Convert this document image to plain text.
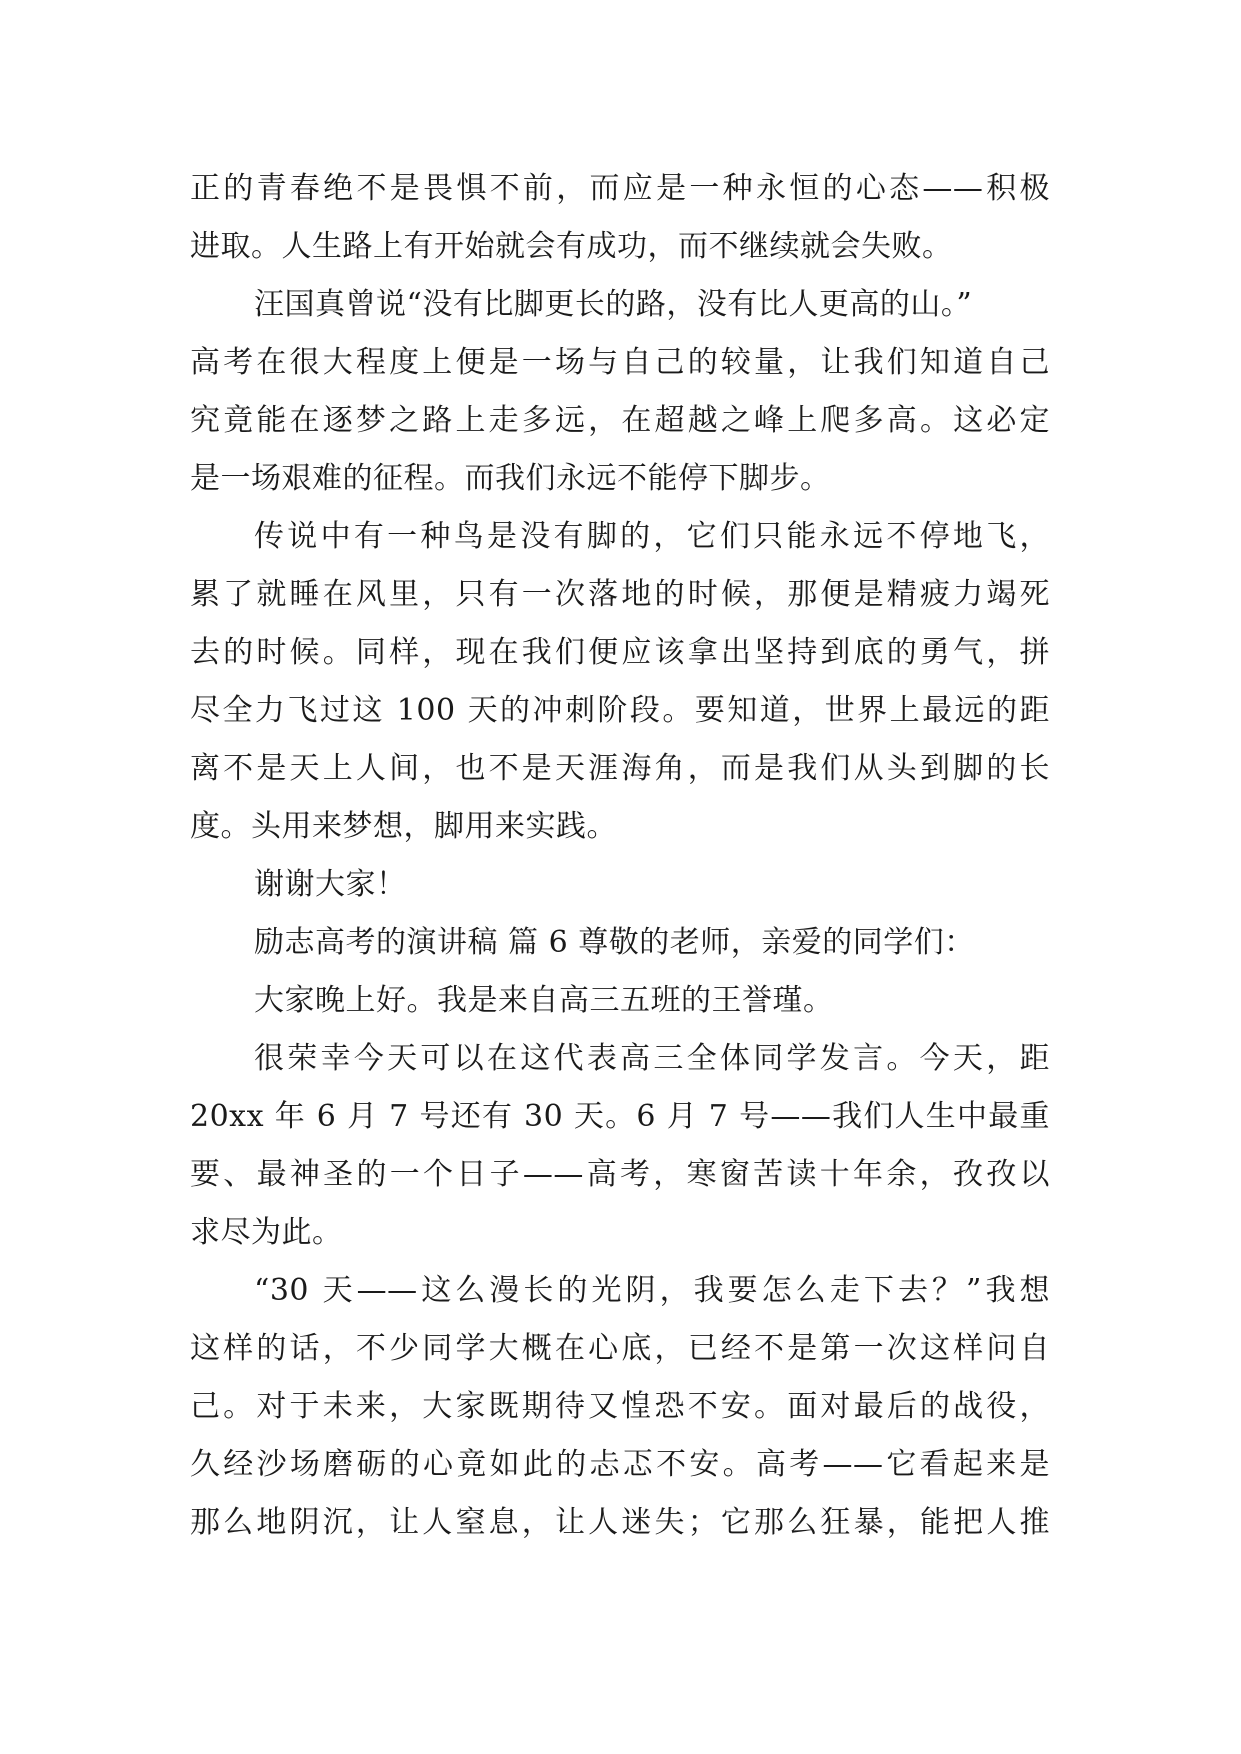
正的青春绝不是畏惧不前，而应是一种永恒的心态——积极
进取。人生路上有开始就会有成功，而不继续就会失败。
汪国真曾说“没有比脚更长的路，没有比人更高的山。”
高考在很大程度上便是一场与自己的较量，让我们知道自己
究竟能在逐梦之路上走多远，在超越之峰上爬多高。这必定
是一场艰难的征程。而我们永远不能停下脚步。
传说中有一种鸟是没有脚的，它们只能永远不停地飞，
累了就睡在风里，只有一次落地的时候，那便是精疲力竭死
去的时候。同样，现在我们便应该拿出坚持到底的勇气，拼
尽全力飞过这 100 天的冲刺阶段。要知道，世界上最远的距
离不是天上人间，也不是天涯海角，而是我们从头到脚的长
度。头用来梦想，脚用来实践。
谢谢大家！
励志高考的演讲稿 篇 6 尊敬的老师，亲爱的同学们：
大家晚上好。我是来自高三五班的王誉瑾。
很荣幸今天可以在这代表高三全体同学发言。今天，距
20xx 年 6 月 7 号还有 30 天。6 月 7 号——我们人生中最重
要、最神圣的一个日子——高考，寒窗苦读十年余，孜孜以
求尽为此。
“30 天——这么漫长的光阴，我要怎么走下去？”我想
这样的话，不少同学大概在心底，已经不是第一次这样问自
己。对于未来，大家既期待又惶恐不安。面对最后的战役，
久经沙场磨砺的心竟如此的忐忑不安。高考——它看起来是
那么地阴沉，让人窒息，让人迷失；它那么狂暴，能把人推
